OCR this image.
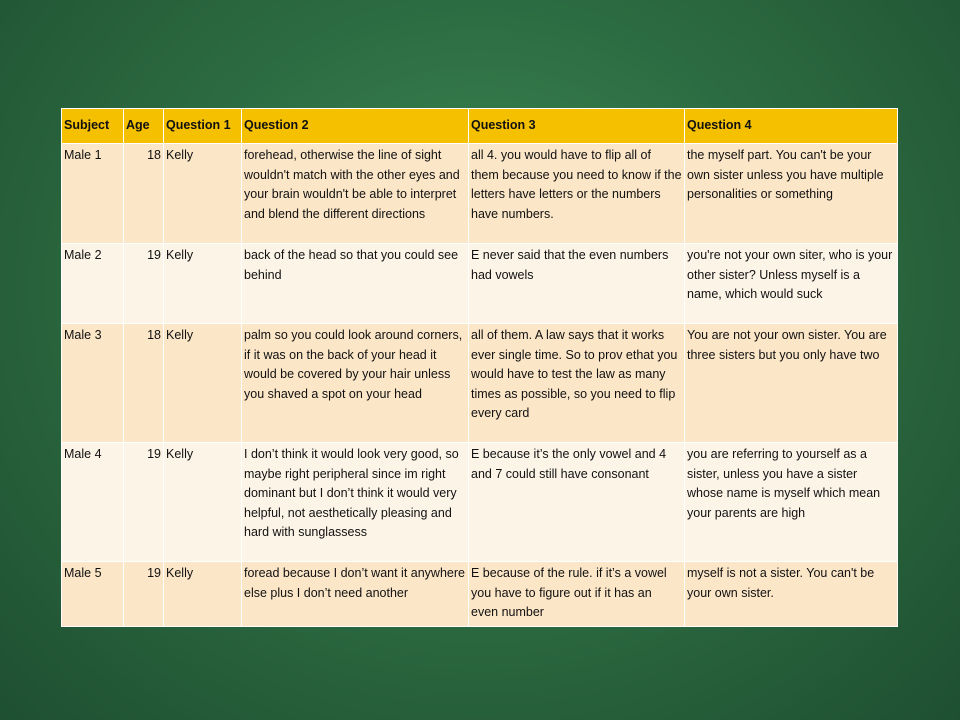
Subject	Age	Question 1	Question 2	Question 3	Question 4
Male 1	18	Kelly	forehead, otherwise the line of sight wouldn't match with the other eyes and your brain wouldn't be able to interpret and blend the different directions	all 4. you would have to flip all of them because you need to know if the letters have letters or the numbers have numbers.	the myself part. You can't be your own sister unless you have multiple personalities or something
Male 2	19	Kelly	back of the head so that you could see behind	E never said that the even numbers had vowels	you're not your own siter, who is your other sister? Unless myself is a name, which would suck
Male 3	18	Kelly	palm so you could look around corners, if it was on the back of your head it would be covered by your hair unless you shaved a spot on your head	all of them. A law says that it works ever single time. So to prov ethat you would have to test the law as many times as possible, so you need to flip every card	You are not your own sister. You are three sisters but you only have two
Male 4	19	Kelly	I don’t think it would look very good, so maybe right peripheral since im right dominant but I don’t think it would very helpful, not aesthetically pleasing and hard with sunglassess	E because it’s the only vowel and 4 and 7 could still have consonant	you are referring to yourself as a sister, unless you have a sister whose name is myself which mean your parents are high
Male 5	19	Kelly	foread because I don’t want it anywhere else plus I don’t need another	E because of the rule. if it’s a vowel you have to figure out if it has an even number	myself is not a sister. You can't be your own sister.
